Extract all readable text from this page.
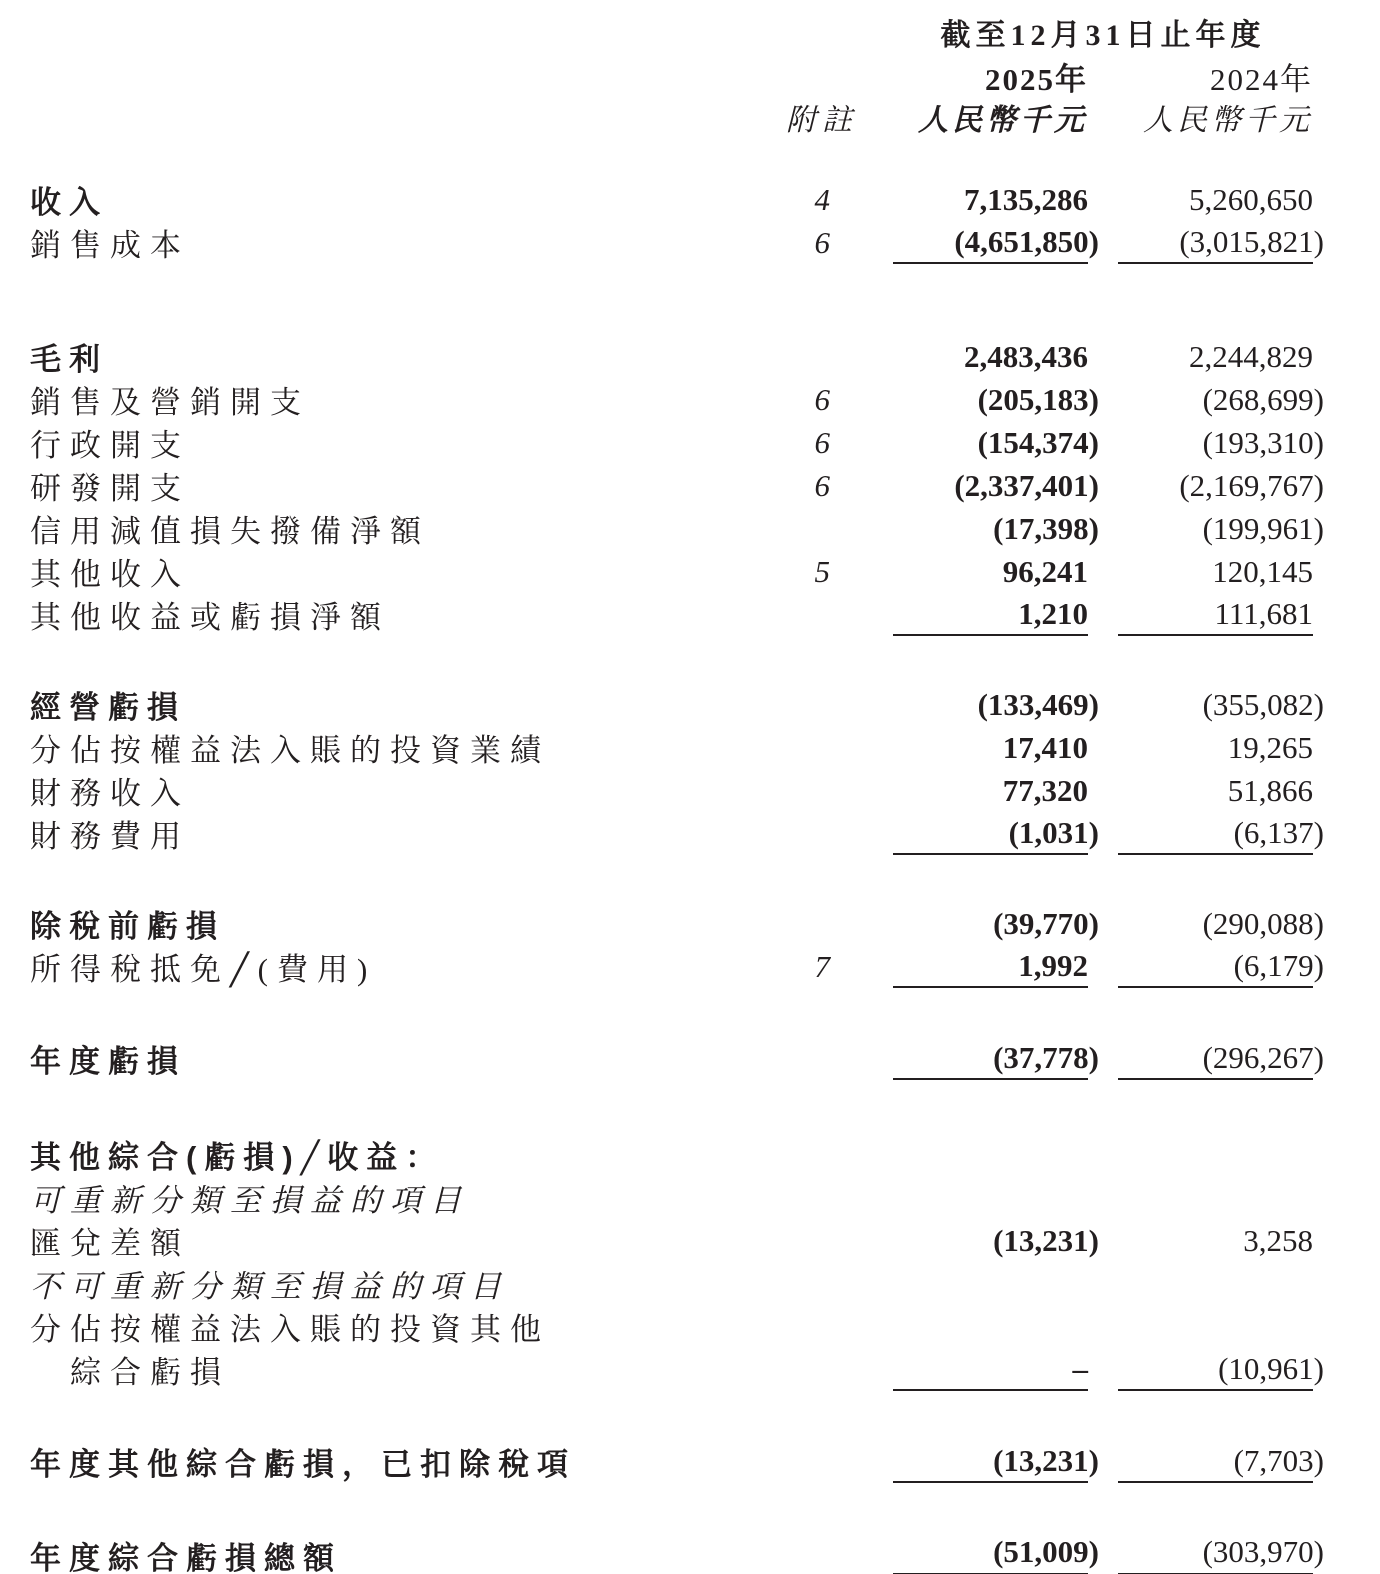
截至12月31日止年度
2025年	2024年
附註	人民幣千元	人民幣千元
收入	4	7,135,286	5,260,650
銷售成本	6	(4,651,850)	(3,015,821)
毛利	2,483,436	2,244,829
銷售及營銷開支	6	(205,183)	(268,699)
行政開支	6	(154,374)	(193,310)
研發開支	6	(2,337,401)	(2,169,767)
信用減值損失撥備淨額	(17,398)	(199,961)
其他收入	5	96,241	120,145
其他收益或虧損淨額	1,210	111,681
經營虧損	(133,469)	(355,082)
分佔按權益法入賬的投資業績	17,410	19,265
財務收入	77,320	51,866
財務費用	(1,031)	(6,137)
除稅前虧損	(39,770)	(290,088)
所得稅抵免╱(費用)	7	1,992	(6,179)
年度虧損	(37,778)	(296,267)
其他綜合(虧損)╱收益：
可重新分類至損益的項目
匯兌差額	(13,231)	3,258
不可重新分類至損益的項目
分佔按權益法入賬的投資其他
綜合虧損	–	(10,961)
年度其他綜合虧損，已扣除稅項	(13,231)	(7,703)
年度綜合虧損總額	(51,009)	(303,970)
